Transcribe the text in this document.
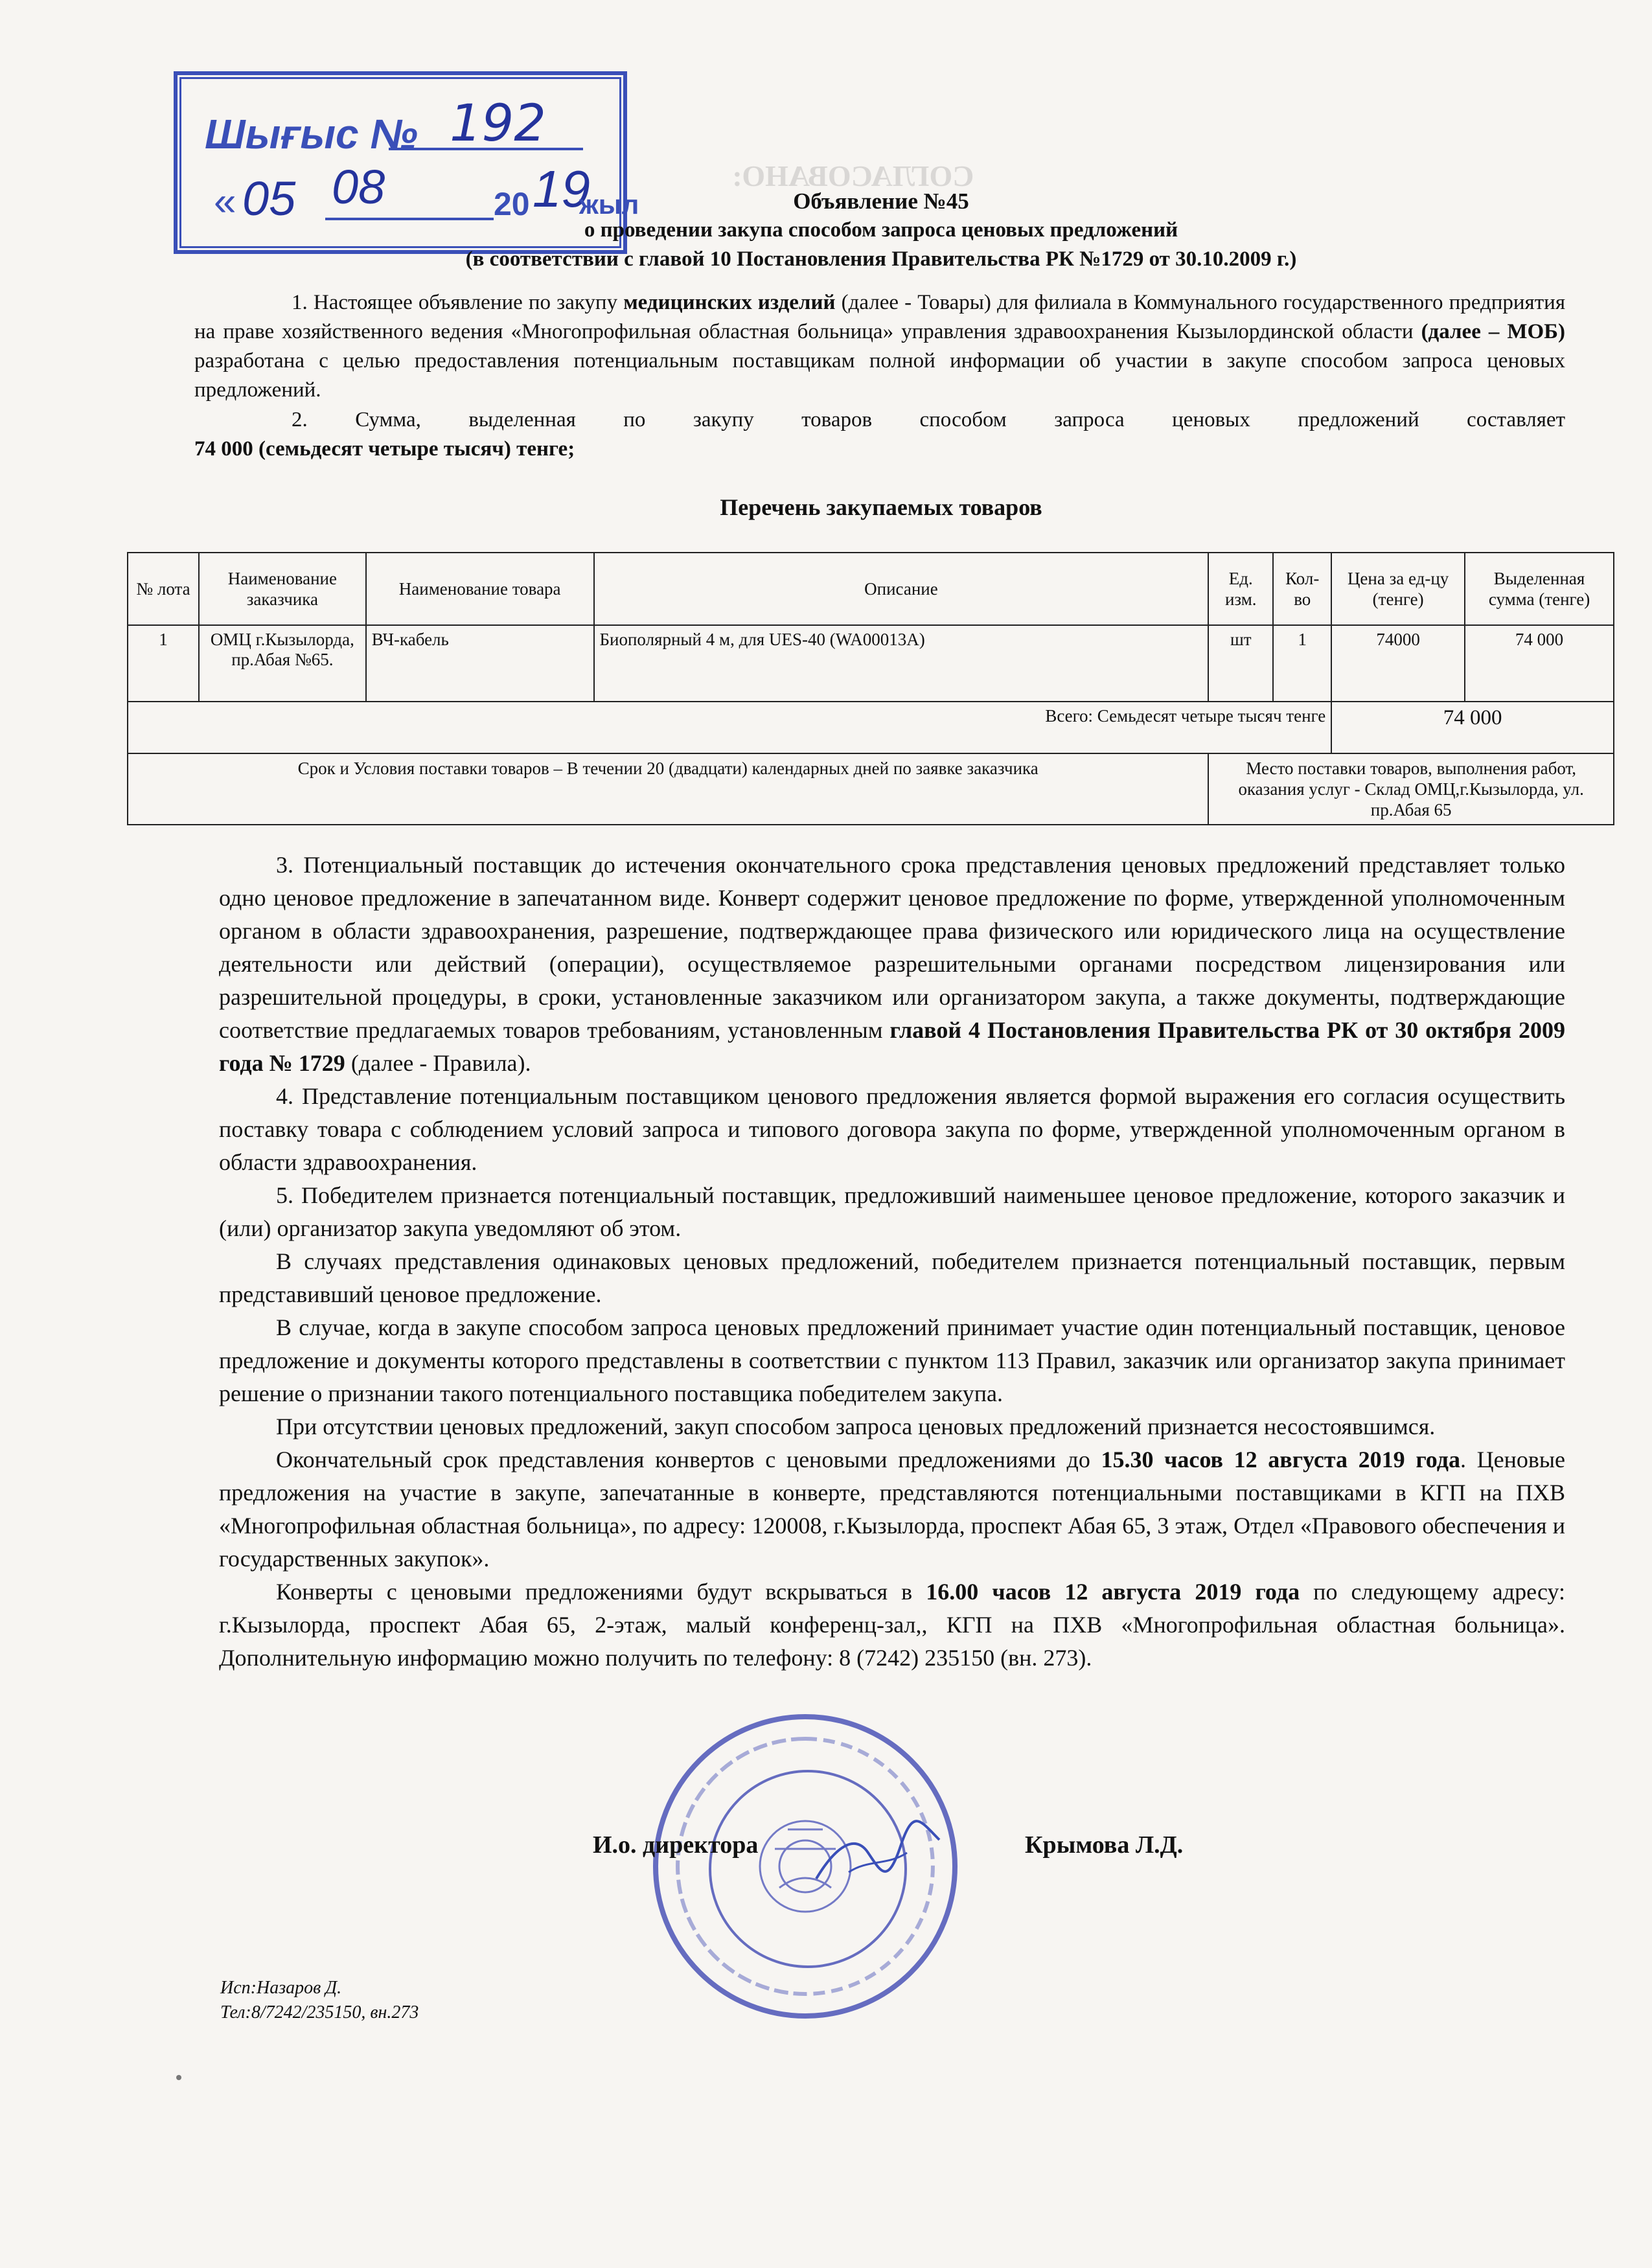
СОГЛАСОВАНО:
Шығыс № 192
« 05 08	20 19
жыл	Объявление №45
о проведении закупа способом запроса ценовых предложений
(в соответствии с главой 10 Постановления Правительства РК №1729 от 30.10.2009 г.)
1. Настоящее объявление по закупу медицинских изделий (далее - Товары) для филиала в Коммунального государственного предприятия на праве хозяйственного ведения «Многопрофильная областная больница» управления здравоохранения Кызылординской области (далее – МОБ) разработана с целью предоставления потенциальным поставщикам полной информации об участии в закупе способом запроса ценовых предложений.
2. Сумма, выделенная по закупу товаров способом запроса ценовых предложений составляет
74 000 (семьдесят четыре тысяч) тенге;
Перечень закупаемых товаров
№ лота	Наименование заказчика	Наименование товара	Описание	Ед. изм.	Кол-во	Цена за ед-цу (тенге)	Выделенная сумма (тенге)
1	ОМЦ г.Кызылорда, пр.Абая №65.	ВЧ-кабель	Биополярный 4 м, для UES-40 (WA00013A)	шт	1	74000	74 000
Всего: Семьдесят четыре тысяч тенге						74 000	
Срок и Условия поставки товаров – В течении 20 (двадцати) календарных дней по заявке заказчика				Место поставки товаров, выполнения работ, оказания услуг - Склад ОМЦ,г.Кызылорда, ул. пр.Абая 65			

3. Потенциальный поставщик до истечения окончательного срока представления ценовых предложений представляет только одно ценовое предложение в запечатанном виде. Конверт содержит ценовое предложение по форме, утвержденной уполномоченным органом в области здравоохранения, разрешение, подтверждающее права физического или юридического лица на осуществление деятельности или действий (операции), осуществляемое разрешительными органами посредством лицензирования или разрешительной процедуры, в сроки, установленные заказчиком или организатором закупа, а также документы, подтверждающие соответствие предлагаемых товаров требованиям, установленным главой 4 Постановления Правительства РК от 30 октября 2009 года № 1729 (далее - Правила).

4. Представление потенциальным поставщиком ценового предложения является формой выражения его согласия осуществить поставку товара с соблюдением условий запроса и типового договора закупа по форме, утвержденной уполномоченным органом в области здравоохранения.

5. Победителем признается потенциальный поставщик, предложивший наименьшее ценовое предложение, которого заказчик и (или) организатор закупа уведомляют об этом.

В случаях представления одинаковых ценовых предложений, победителем признается потенциальный поставщик, первым представивший ценовое предложение.

В случае, когда в закупе способом запроса ценовых предложений принимает участие один потенциальный поставщик, ценовое предложение и документы которого представлены в соответствии с пунктом 113 Правил, заказчик или организатор закупа принимает решение о признании такого потенциального поставщика победителем закупа.

При отсутствии ценовых предложений, закуп способом запроса ценовых предложений признается несостоявшимся.

Окончательный срок представления конвертов с ценовыми предложениями до 15.30 часов 12 августа 2019 года. Ценовые предложения на участие в закупе, запечатанные в конверте, представляются потенциальными поставщиками в КГП на ПХВ «Многопрофильная областная больница», по адресу: 120008, г.Кызылорда, проспект Абая 65, 3 этаж, Отдел «Правового обеспечения и государственных закупок».

Конверты с ценовыми предложениями будут вскрываться в 16.00 часов 12 августа 2019 года по следующему адресу: г.Кызылорда, проспект Абая 65, 2-этаж, малый конференц-зал,, КГП на ПХВ «Многопрофильная областная больница». Дополнительную информацию можно получить по телефону: 8 (7242) 235150 (вн. 273).

И.о. директора	Крымова Л.Д.
Исп:Назаров Д.
Тел:8/7242/235150, вн.273
